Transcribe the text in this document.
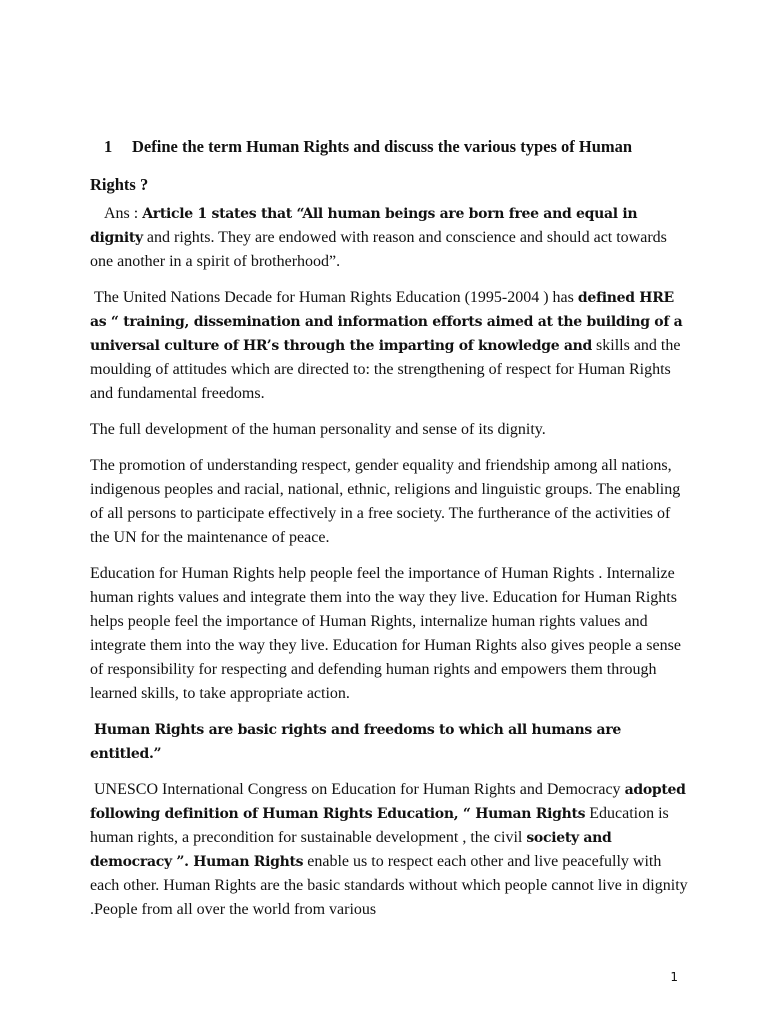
1 Define the term Human Rights and discuss the various types of Human
Rights ?

Ans : Article 1 states that “All human beings are born free and equal in dignity and rights. They are endowed with reason and conscience and should act towards one another in a spirit of brotherhood”.

The United Nations Decade for Human Rights Education (1995-2004 ) has defined HRE as “ training, dissemination and information efforts aimed at the building of a universal culture of HR’s through the imparting of knowledge and skills and the moulding of attitudes which are directed to: the strengthening of respect for Human Rights and fundamental freedoms.

The full development of the human personality and sense of its dignity.

The promotion of understanding respect, gender equality and friendship among all nations, indigenous peoples and racial, national, ethnic, religions and linguistic groups. The enabling of all persons to participate effectively in a free society. The furtherance of the activities of the UN for the maintenance of peace.

Education for Human Rights help people feel the importance of Human Rights . Internalize human rights values and integrate them into the way they live. Education for Human Rights helps people feel the importance of Human Rights, internalize human rights values and integrate them into the way they live. Education for Human Rights also gives people a sense of responsibility for respecting and defending human rights and empowers them through learned skills, to take appropriate action.

Human Rights are basic rights and freedoms to which all humans are entitled.”

UNESCO International Congress on Education for Human Rights and Democracy adopted following definition of Human Rights Education, “ Human Rights Education is human rights, a precondition for sustainable development , the civil society and democracy ”. Human Rights enable us to respect each other and live peacefully with each other. Human Rights are the basic standards without which people cannot live in dignity .People from all over the world from various

1
